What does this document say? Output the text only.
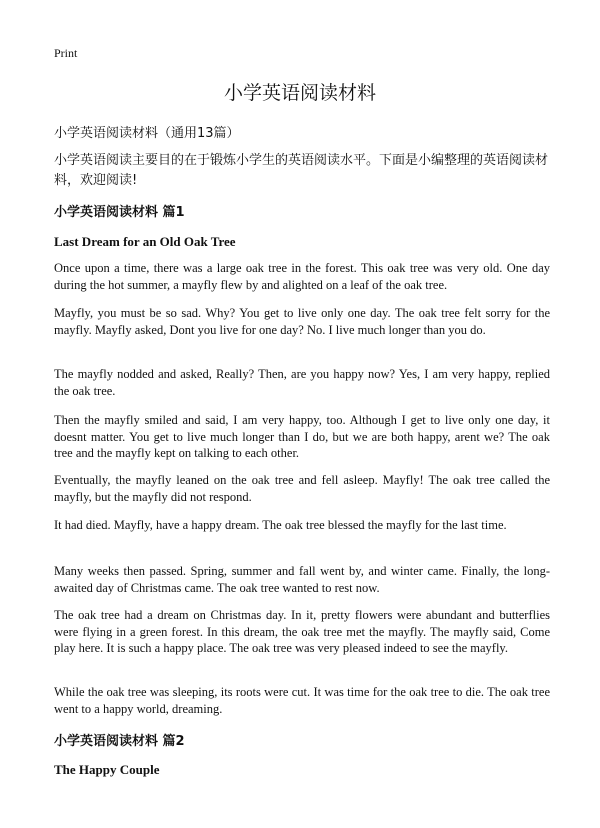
Print
小学英语阅读材料
小学英语阅读材料（通用13篇）

小学英语阅读主要目的在于锻炼小学生的英语阅读水平。下面是小编整理的英语阅读材料，欢迎阅读!

小学英语阅读材料 篇1
Last Dream for an Old Oak Tree

Once upon a time, there was a large oak tree in the forest. This oak tree was very old. One day during the hot summer, a mayfly flew by and alighted on a leaf of the oak tree.

Mayfly, you must be so sad. Why? You get to live only one day. The oak tree felt sorry for the mayfly. Mayfly asked, Dont you live for one day? No. I live much longer than you do.

The mayfly nodded and asked, Really? Then, are you happy now? Yes, I am very happy, replied the oak tree.

Then the mayfly smiled and said, I am very happy, too. Although I get to live only one day, it doesnt matter. You get to live much longer than I do, but we are both happy, arent we? The oak tree and the mayfly kept on talking to each other.

Eventually, the mayfly leaned on the oak tree and fell asleep. Mayfly! The oak tree called the mayfly, but the mayfly did not respond.

It had died. Mayfly, have a happy dream. The oak tree blessed the mayfly for the last time.

Many weeks then passed. Spring, summer and fall went by, and winter came. Finally, the long-awaited day of Christmas came. The oak tree wanted to rest now.

The oak tree had a dream on Christmas day. In it, pretty flowers were abundant and butterflies were flying in a green forest. In this dream, the oak tree met the mayfly. The mayfly said, Come play here. It is such a happy place. The oak tree was very pleased indeed to see the mayfly.

While the oak tree was sleeping, its roots were cut. It was time for the oak tree to die. The oak tree went to a happy world, dreaming.

小学英语阅读材料 篇2
The Happy Couple
